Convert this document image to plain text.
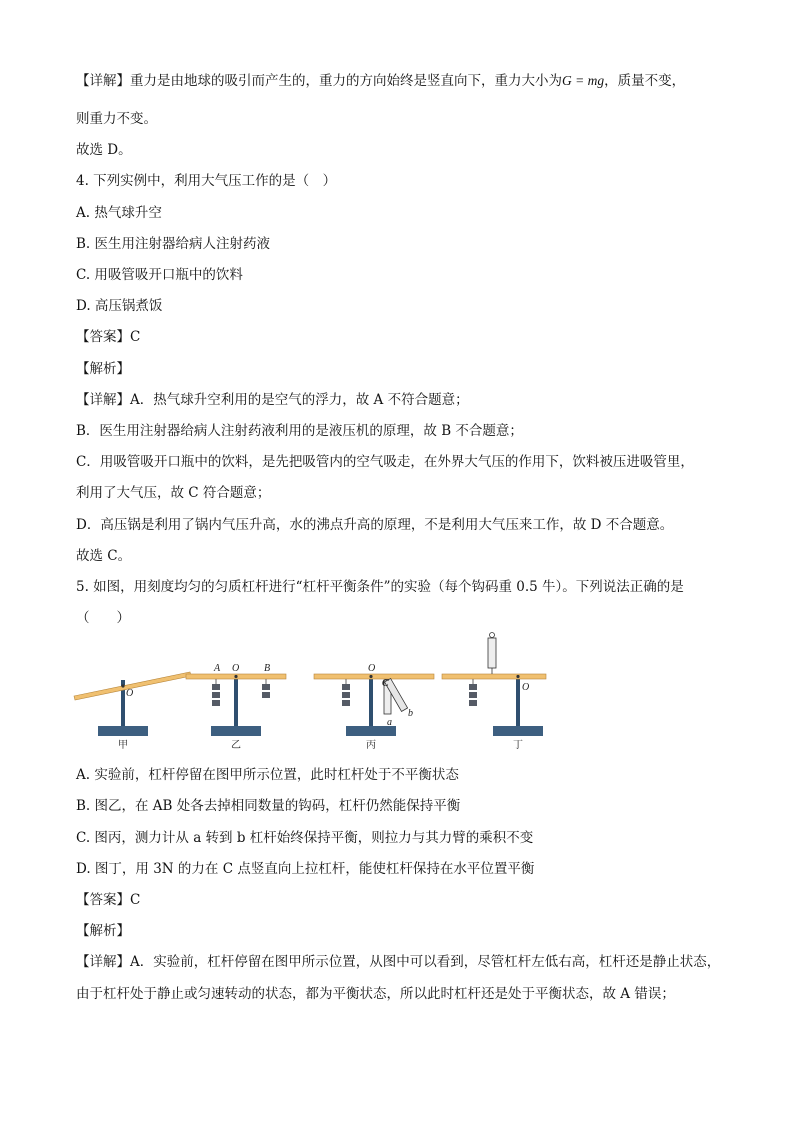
【详解】重力是由地球的吸引而产生的，重力的方向始终是竖直向下，重力大小为G = mg，质量不变，
则重力不变。
故选 D。
4. 下列实例中，利用大气压工作的是（　）
A. 热气球升空
B. 医生用注射器给病人注射药液
C. 用吸管吸开口瓶中的饮料
D. 高压锅煮饭
【答案】C
【解析】
【详解】A．热气球升空利用的是空气的浮力，故 A 不符合题意；
B．医生用注射器给病人注射药液利用的是液压机的原理，故 B 不合题意；
C．用吸管吸开口瓶中的饮料，是先把吸管内的空气吸走，在外界大气压的作用下，饮料被压进吸管里，
利用了大气压，故 C 符合题意；
D．高压锅是利用了锅内气压升高，水的沸点升高的原理，不是利用大气压来工作，故 D 不合题意。
故选 C。
5. 如图，用刻度均匀的匀质杠杆进行“杠杆平衡条件”的实验（每个钩码重 0.5 牛）。下列说法正确的是
（　　）
O
甲
A O B
乙
O
a
b
C
丙
O
丁
A. 实验前，杠杆停留在图甲所示位置，此时杠杆处于不平衡状态
B. 图乙，在 AB 处各去掉相同数量的钩码，杠杆仍然能保持平衡
C. 图丙，测力计从 a 转到 b 杠杆始终保持平衡，则拉力与其力臂的乘积不变
D. 图丁，用 3N 的力在 C 点竖直向上拉杠杆，能使杠杆保持在水平位置平衡
【答案】C
【解析】
【详解】A．实验前，杠杆停留在图甲所示位置，从图中可以看到，尽管杠杆左低右高，杠杆还是静止状态，
由于杠杆处于静止或匀速转动的状态，都为平衡状态，所以此时杠杆还是处于平衡状态，故 A 错误；
